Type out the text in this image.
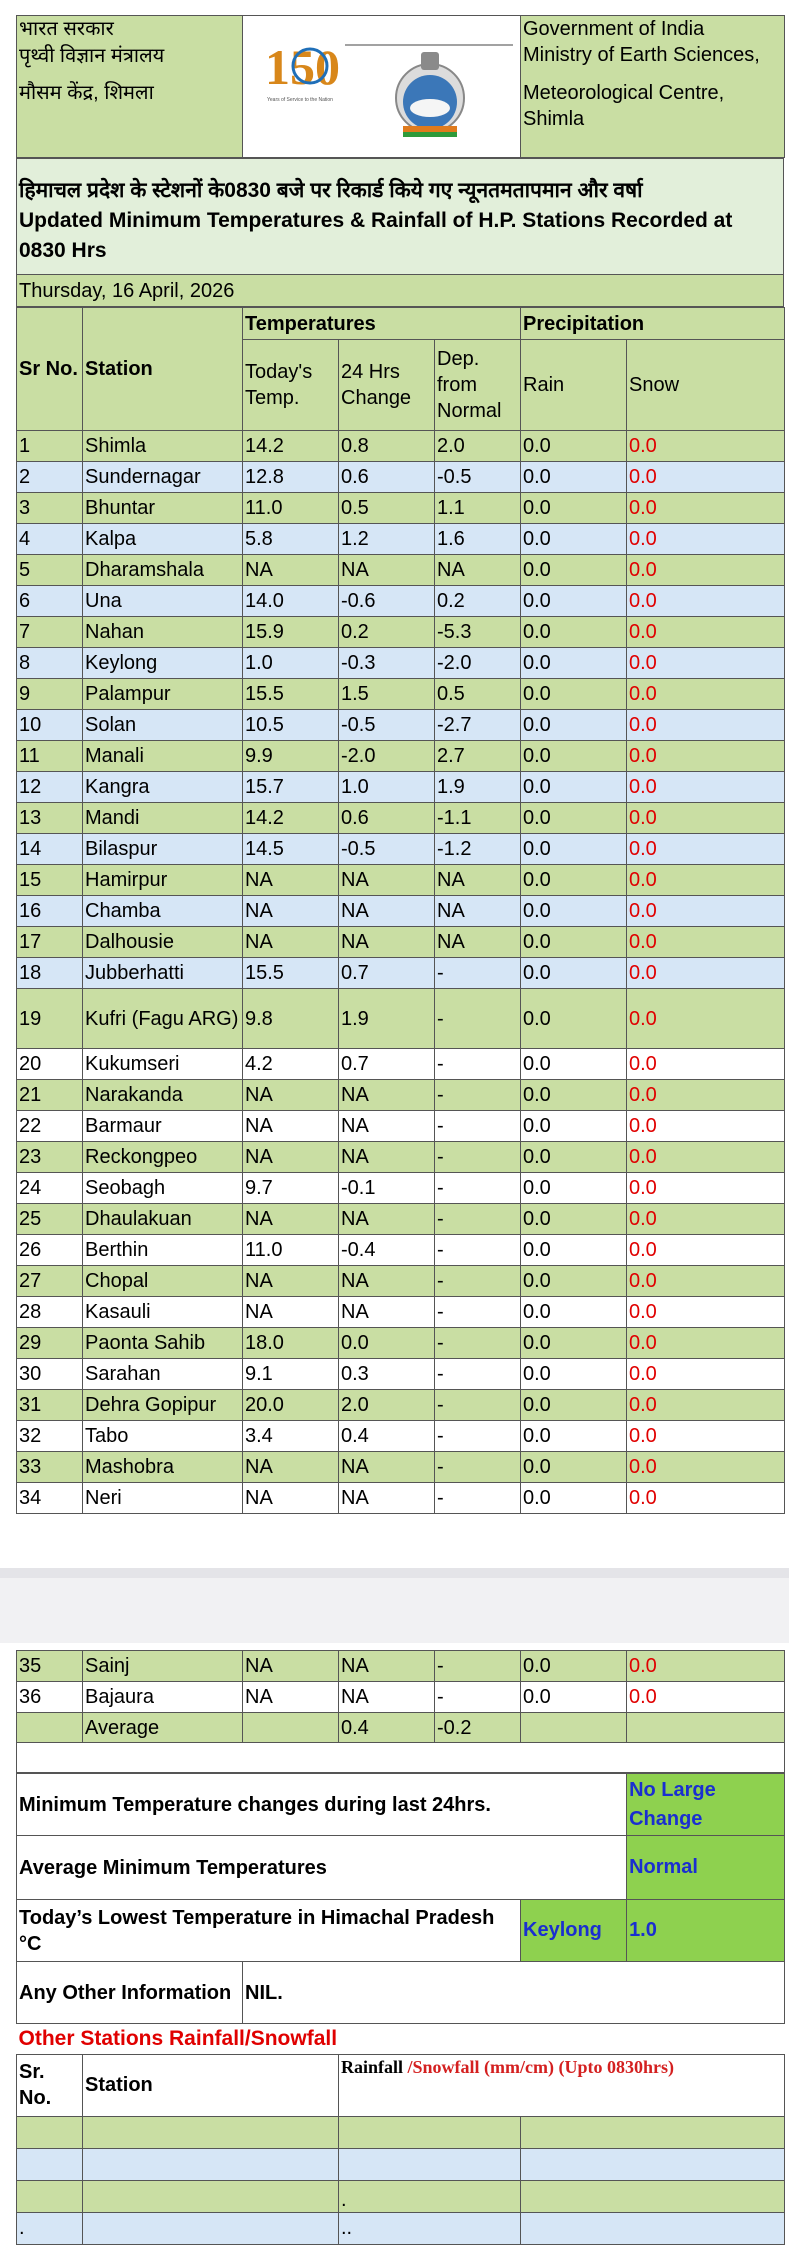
भारत सरकार
पृथ्वी विज्ञान मंत्रालय
मौसम केंद्र, शिमला	150
Years of Service to the Nation

Government of India
Ministry of Earth Sciences,
Meteorological Centre,
Shimla
हिमाचल प्रदेश के स्टेशनों के0830 बजे पर रिकार्ड किये गए न्यूनतमतापमान और वर्षा
Updated Minimum Temperatures & Rainfall of H.P. Stations Recorded at 0830 Hrs

Thursday, 16 April, 2026
Sr No.	Station	Temperatures			Precipitation	
		Today's Temp.	24 Hrs Change	Dep. from Normal	Rain	Snow
1	Shimla	14.2	0.8	2.0	0.0	0.0
2	Sundernagar	12.8	0.6	-0.5	0.0	0.0
3	Bhuntar	11.0	0.5	1.1	0.0	0.0
4	Kalpa	5.8	1.2	1.6	0.0	0.0
5	Dharamshala	NA	NA	NA	0.0	0.0
6	Una	14.0	-0.6	0.2	0.0	0.0
7	Nahan	15.9	0.2	-5.3	0.0	0.0
8	Keylong	1.0	-0.3	-2.0	0.0	0.0
9	Palampur	15.5	1.5	0.5	0.0	0.0
10	Solan	10.5	-0.5	-2.7	0.0	0.0
11	Manali	9.9	-2.0	2.7	0.0	0.0
12	Kangra	15.7	1.0	1.9	0.0	0.0
13	Mandi	14.2	0.6	-1.1	0.0	0.0
14	Bilaspur	14.5	-0.5	-1.2	0.0	0.0
15	Hamirpur	NA	NA	NA	0.0	0.0
16	Chamba	NA	NA	NA	0.0	0.0
17	Dalhousie	NA	NA	NA	0.0	0.0
18	Jubberhatti	15.5	0.7	-	0.0	0.0
19	Kufri (Fagu ARG)	9.8	1.9	-	0.0	0.0
20	Kukumseri	4.2	0.7	-	0.0	0.0
21	Narakanda	NA	NA	-	0.0	0.0
22	Barmaur	NA	NA	-	0.0	0.0
23	Reckongpeo	NA	NA	-	0.0	0.0
24	Seobagh	9.7	-0.1	-	0.0	0.0
25	Dhaulakuan	NA	NA	-	0.0	0.0
26	Berthin	11.0	-0.4	-	0.0	0.0
27	Chopal	NA	NA	-	0.0	0.0
28	Kasauli	NA	NA	-	0.0	0.0
29	Paonta Sahib	18.0	0.0	-	0.0	0.0
30	Sarahan	9.1	0.3	-	0.0	0.0
31	Dehra Gopipur	20.0	2.0	-	0.0	0.0
32	Tabo	3.4	0.4	-	0.0	0.0
33	Mashobra	NA	NA	-	0.0	0.0
34	Neri	NA	NA	-	0.0	0.0
35	Sainj	NA	NA	-	0.0	0.0
36	Bajaura	NA	NA	-	0.0	0.0
	Average		0.4	-0.2		

Minimum Temperature changes during last 24hrs.			No Large Change
Average Minimum Temperatures			Normal
Today’s Lowest Temperature in Himachal Pradesh °C		Keylong	1.0
Any Other Information	NIL.		
Other Stations Rainfall/Snowfall			
Sr. No.	Station	Rainfall /Snowfall (mm/cm) (Upto 0830hrs)	

		.	
.		..	
